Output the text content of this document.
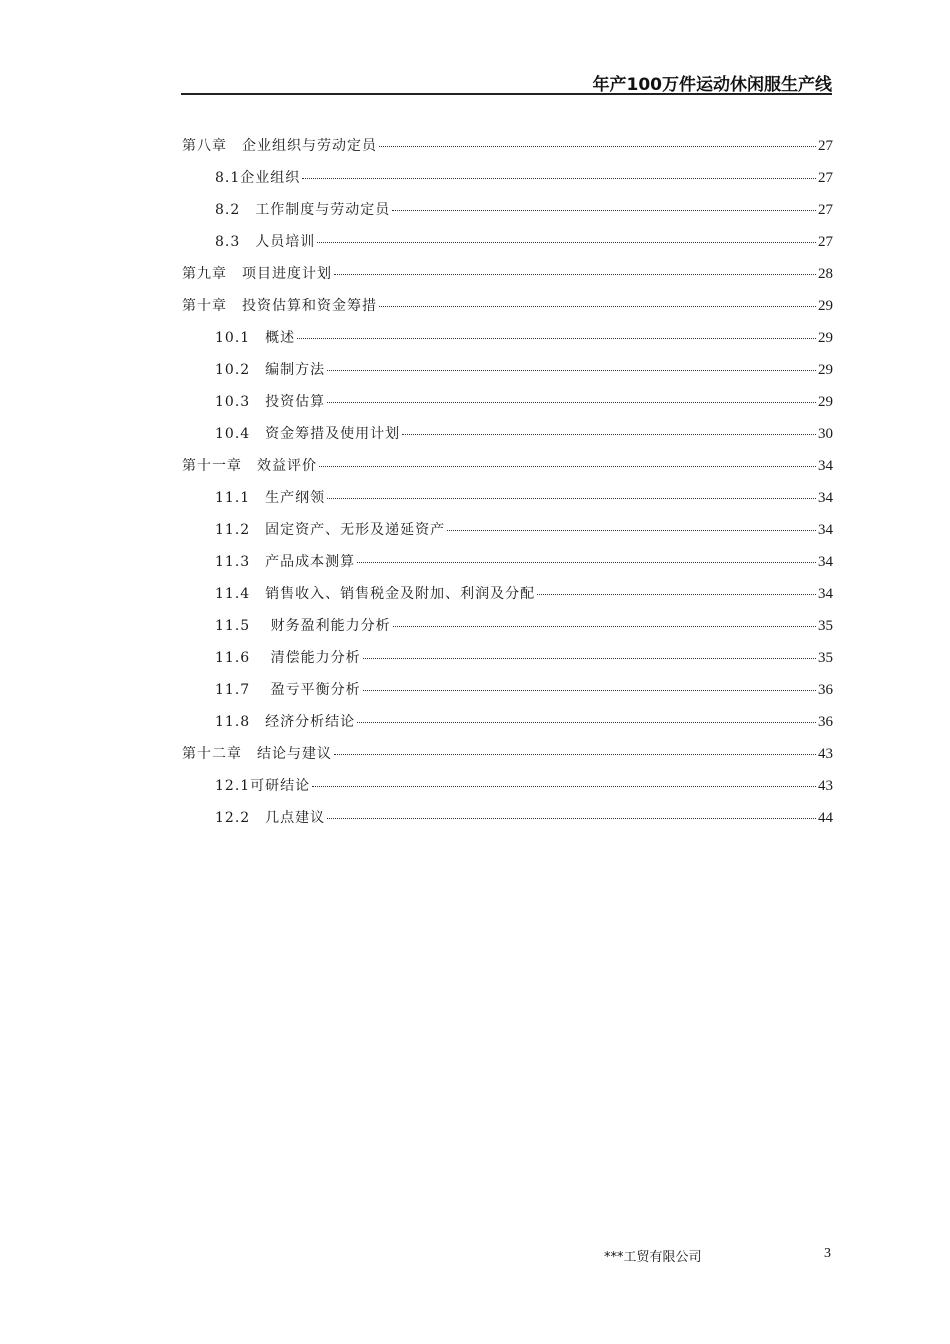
年产100万件运动休闲服生产线
第八章　企业组织与劳动定员	27
8.1企业组织	27
8.2　工作制度与劳动定员	27
8.3　人员培训	27
第九章　项目进度计划	28
第十章　投资估算和资金筹措	29
10.1　概述	29
10.2　编制方法	29
10.3　投资估算	29
10.4　资金筹措及使用计划	30
第十一章　效益评价	34
11.1　生产纲领	34
11.2　固定资产、无形及递延资产	34
11.3　产品成本测算	34
11.4　销售收入、销售税金及附加、利润及分配	34
11.5　 财务盈利能力分析	35
11.6　 清偿能力分析	35
11.7　 盈亏平衡分析	36
11.8　经济分析结论	36
第十二章　结论与建议	43
12.1可研结论	43
12.2　几点建议	44
***工贸有限公司	3
